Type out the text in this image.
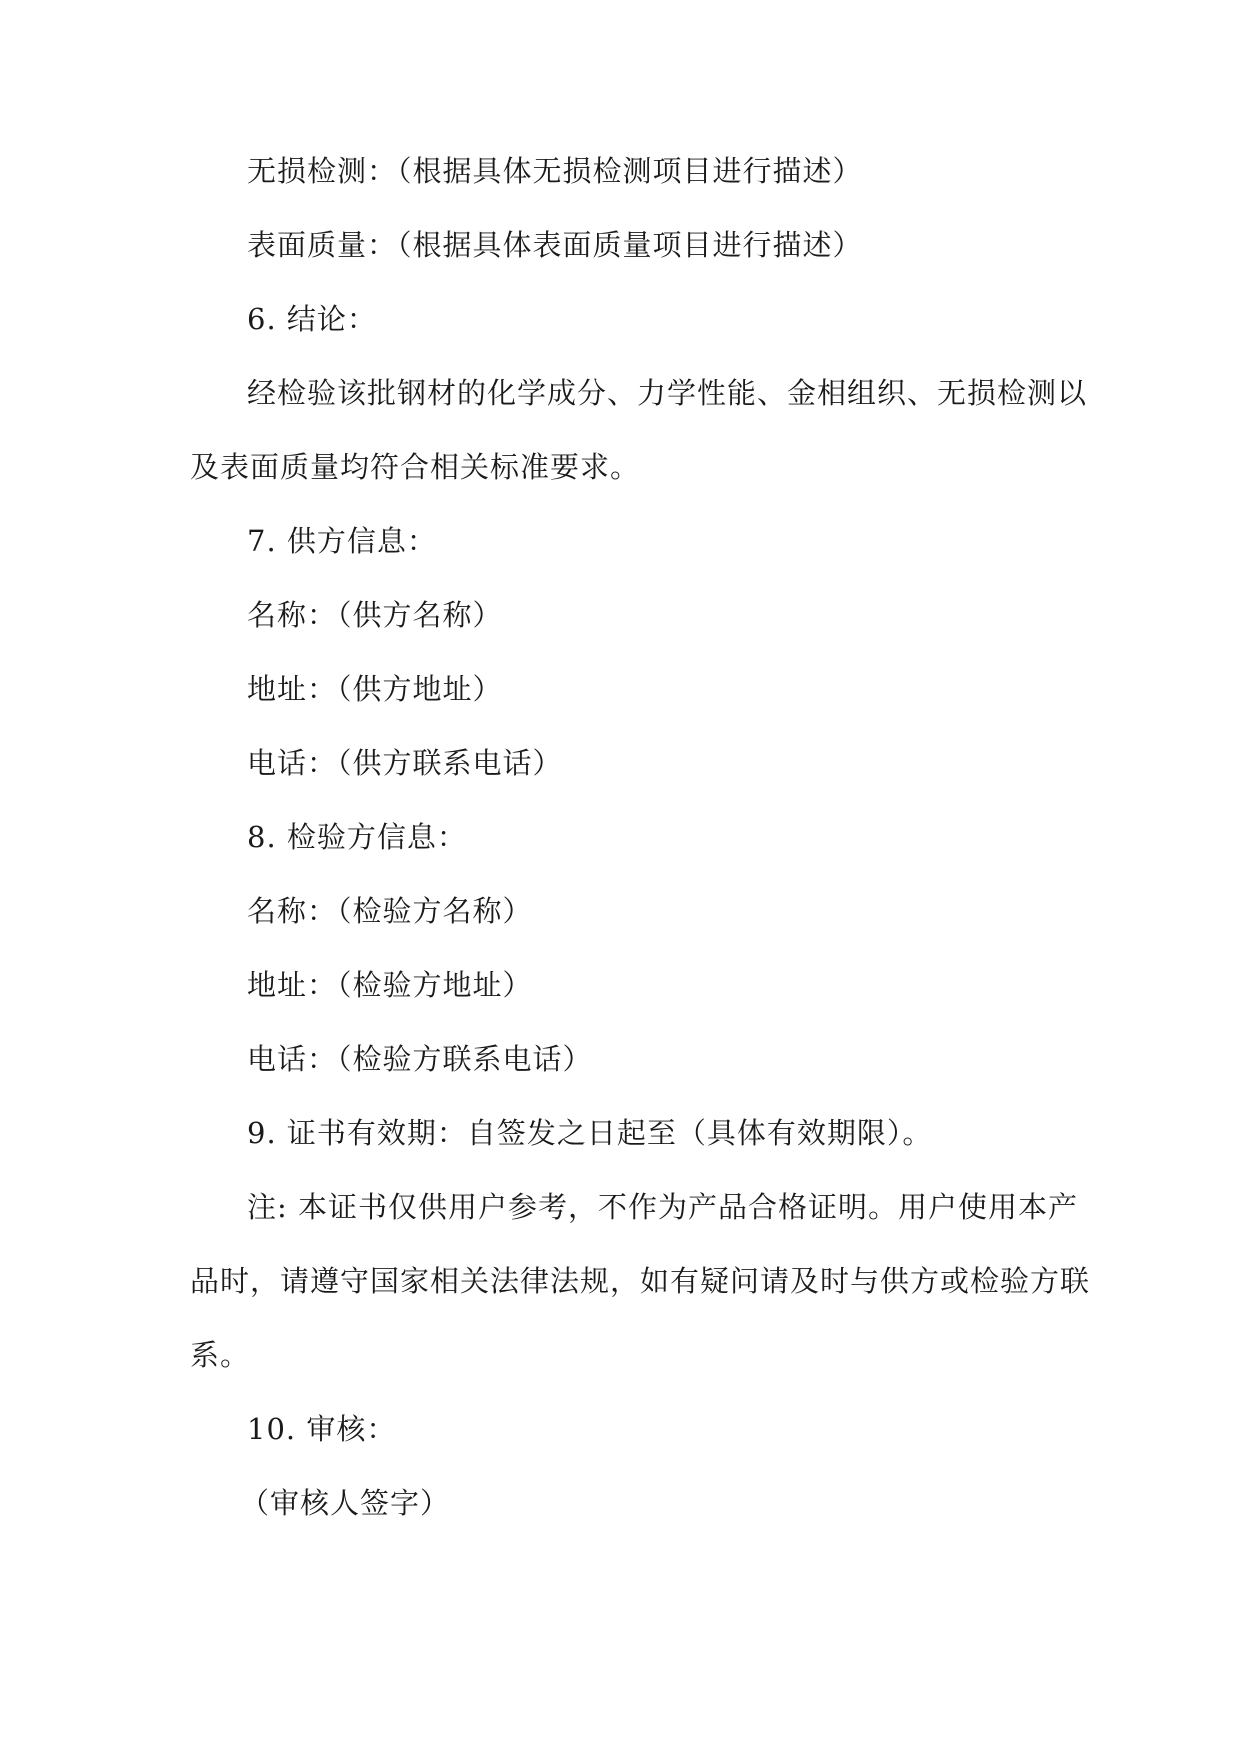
无损检测：（根据具体无损检测项目进行描述）
表面质量：（根据具体表面质量项目进行描述）
6. 结论：
经检验该批钢材的化学成分、力学性能、金相组织、无损检测以
及表面质量均符合相关标准要求。
7. 供方信息：
名称：（供方名称）
地址：（供方地址）
电话：（供方联系电话）
8. 检验方信息：
名称：（检验方名称）
地址：（检验方地址）
电话：（检验方联系电话）
9. 证书有效期：自签发之日起至（具体有效期限）。
注: 本证书仅供用户参考，不作为产品合格证明。用户使用本产
品时，请遵守国家相关法律法规，如有疑问请及时与供方或检验方联
系。
10. 审核：
（审核人签字）
